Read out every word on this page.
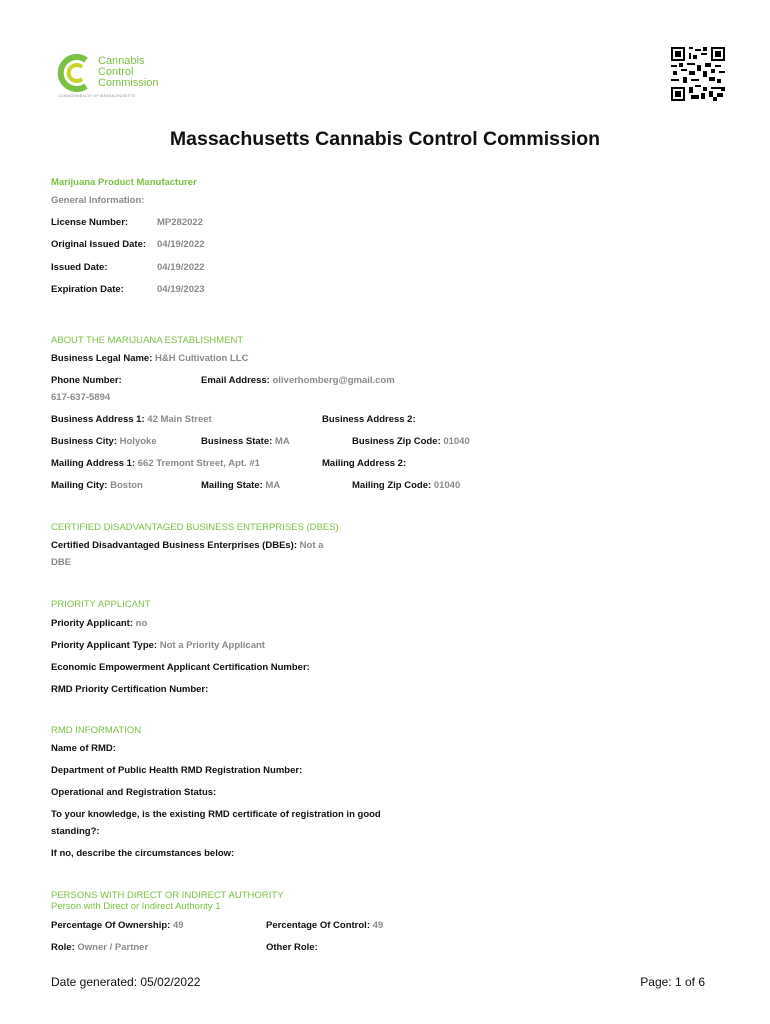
Cannabis
Control
Commission
COMMONWEALTH OF MASSACHUSETTS
Massachusetts Cannabis Control Commission
Marijuana Product Manufacturer
General Information:
License Number:	MP282022
Original Issued Date: 04/19/2022
Issued Date:	04/19/2022
Expiration Date:	04/19/2023
ABOUT THE MARIJUANA ESTABLISHMENT
Business Legal Name: H&H Cultivation LLC
Phone Number:	Email Address: oliverhomberg@gmail.com
617-637-5894
Business Address 1: 42 Main Street	Business Address 2:
Business City: Holyoke	Business State: MA	Business Zip Code: 01040
Mailing Address 1: 662 Tremont Street, Apt. #1	Mailing Address 2:
Mailing City: Boston	Mailing State: MA	Mailing Zip Code: 01040
CERTIFIED DISADVANTAGED BUSINESS ENTERPRISES (DBES)
Certified Disadvantaged Business Enterprises (DBEs): Not a
DBE
PRIORITY APPLICANT
Priority Applicant: no
Priority Applicant Type: Not a Priority Applicant
Economic Empowerment Applicant Certification Number:
RMD Priority Certification Number:
RMD INFORMATION
Name of RMD:
Department of Public Health RMD Registration Number:
Operational and Registration Status:
To your knowledge, is the existing RMD certificate of registration in good
standing?:
If no, describe the circumstances below:
PERSONS WITH DIRECT OR INDIRECT AUTHORITY
Person with Direct or Indirect Authority 1
Percentage Of Ownership: 49	Percentage Of Control: 49
Role: Owner / Partner	Other Role:
Date generated: 05/02/2022	Page: 1 of 6
